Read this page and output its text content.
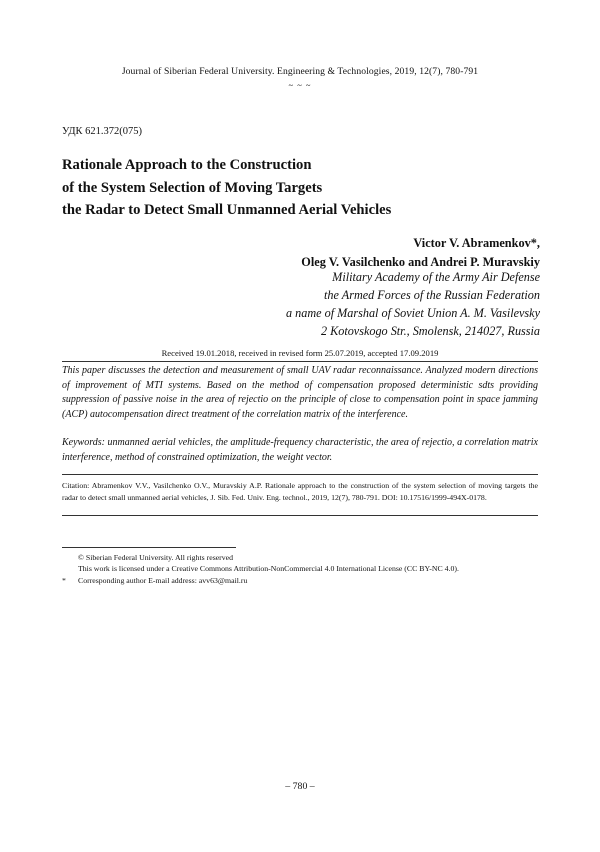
Journal of Siberian Federal University. Engineering & Technologies, 2019, 12(7), 780-791
~ ~ ~
УДК 621.372(075)
Rationale Approach to the Construction
of the System Selection of Moving Targets
the Radar to Detect Small Unmanned Aerial Vehicles
Victor V. Abramenkov*,
Oleg V. Vasilchenko and Andrei P. Muravskiy
Military Academy of the Army Air Defense
the Armed Forces of the Russian Federation
a name of Marshal of Soviet Union A. M. Vasilevsky
2 Kotovskogo Str., Smolensk, 214027, Russia
Received 19.01.2018, received in revised form 25.07.2019, accepted 17.09.2019
This paper discusses the detection and measurement of small UAV radar reconnaissance. Analyzed modern directions of improvement of MTI systems. Based on the method of compensation proposed deterministic sdts providing suppression of passive noise in the area of rejectio on the principle of close to compensation point in space jamming (ACP) autocompensation direct treatment of the correlation matrix of the interference.
Keywords: unmanned aerial vehicles, the amplitude-frequency characteristic, the area of rejectio, a correlation matrix interference, method of constrained optimization, the weight vector.
Citation: Abramenkov V.V., Vasilchenko O.V., Muravskiy A.P. Rationale approach to the construction of the system selection of moving targets the radar to detect small unmanned aerial vehicles, J. Sib. Fed. Univ. Eng. technol., 2019, 12(7), 780-791. DOI: 10.17516/1999-494X-0178.
© Siberian Federal University. All rights reserved
This work is licensed under a Creative Commons Attribution-NonCommercial 4.0 International License (CC BY-NC 4.0).
* Corresponding author E-mail address: avv63@mail.ru
– 780 –
